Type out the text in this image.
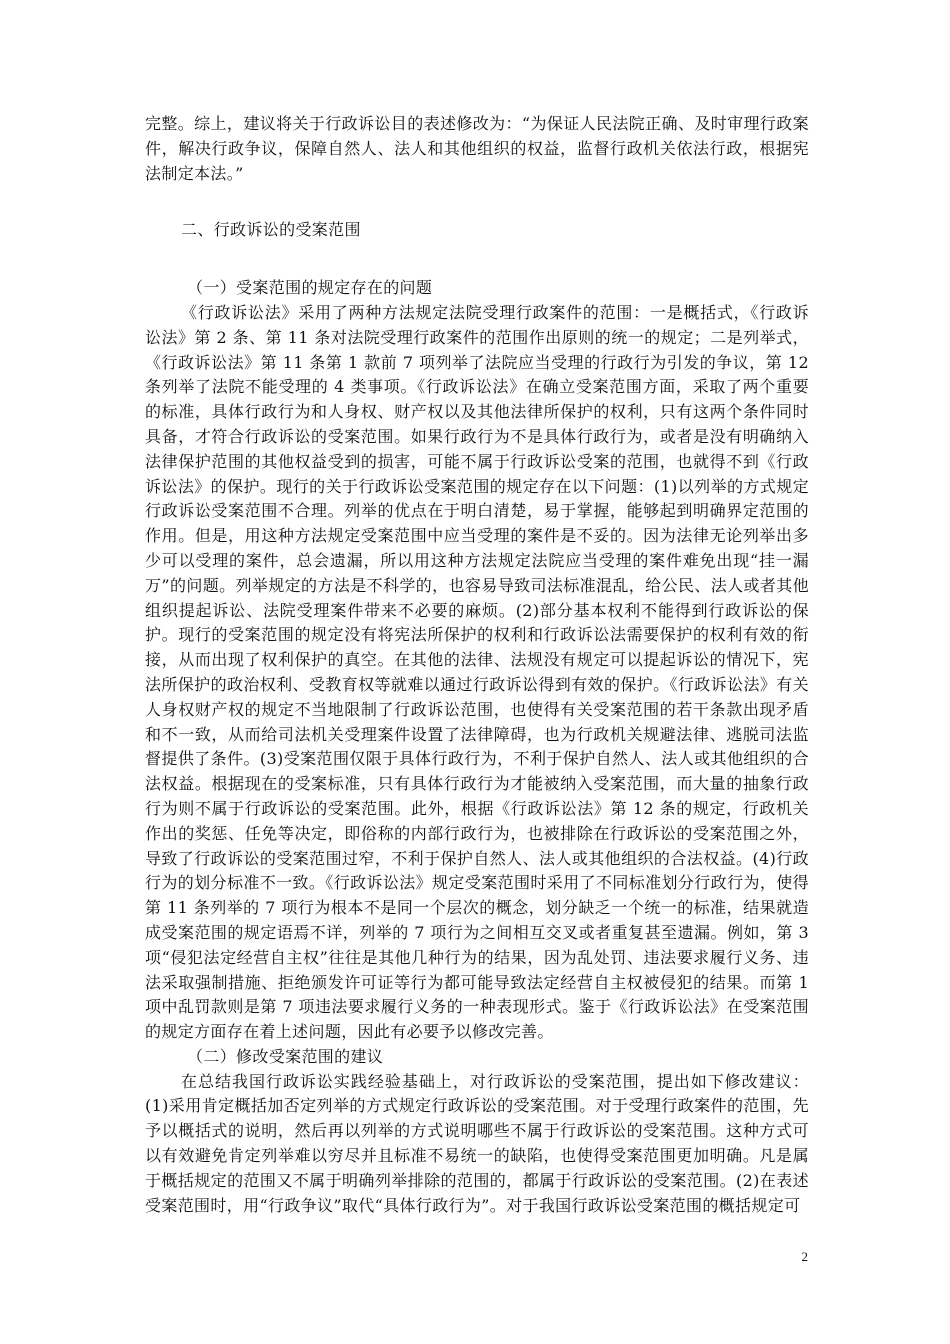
完整。综上，建议将关于行政诉讼目的表述修改为：“为保证人民法院正确、及时审理行政案件，解决行政争议，保障自然人、法人和其他组织的权益，监督行政机关依法行政，根据宪法制定本法。”

二、行政诉讼的受案范围

（一）受案范围的规定存在的问题

《行政诉讼法》采用了两种方法规定法院受理行政案件的范围：一是概括式，《行政诉讼法》第 2 条、第 11 条对法院受理行政案件的范围作出原则的统一的规定；二是列举式，《行政诉讼法》第 11 条第 1 款前 7 项列举了法院应当受理的行政行为引发的争议，第 12 条列举了法院不能受理的 4 类事项。《行政诉讼法》在确立受案范围方面，采取了两个重要的标准，具体行政行为和人身权、财产权以及其他法律所保护的权利，只有这两个条件同时具备，才符合行政诉讼的受案范围。如果行政行为不是具体行政行为，或者是没有明确纳入法律保护范围的其他权益受到的损害，可能不属于行政诉讼受案的范围，也就得不到《行政诉讼法》的保护。现行的关于行政诉讼受案范围的规定存在以下问题：(1)以列举的方式规定行政诉讼受案范围不合理。列举的优点在于明白清楚，易于掌握，能够起到明确界定范围的作用。但是，用这种方法规定受案范围中应当受理的案件是不妥的。因为法律无论列举出多少可以受理的案件，总会遗漏，所以用这种方法规定法院应当受理的案件难免出现“挂一漏万”的问题。列举规定的方法是不科学的，也容易导致司法标准混乱，给公民、法人或者其他组织提起诉讼、法院受理案件带来不必要的麻烦。(2)部分基本权利不能得到行政诉讼的保护。现行的受案范围的规定没有将宪法所保护的权利和行政诉讼法需要保护的权利有效的衔接，从而出现了权利保护的真空。在其他的法律、法规没有规定可以提起诉讼的情况下，宪法所保护的政治权利、受教育权等就难以通过行政诉讼得到有效的保护。《行政诉讼法》有关人身权财产权的规定不当地限制了行政诉讼范围，也使得有关受案范围的若干条款出现矛盾和不一致，从而给司法机关受理案件设置了法律障碍，也为行政机关规避法律、逃脱司法监督提供了条件。(3)受案范围仅限于具体行政行为，不利于保护自然人、法人或其他组织的合法权益。根据现在的受案标准，只有具体行政行为才能被纳入受案范围，而大量的抽象行政行为则不属于行政诉讼的受案范围。此外，根据《行政诉讼法》第 12 条的规定，行政机关作出的奖惩、任免等决定，即俗称的内部行政行为，也被排除在行政诉讼的受案范围之外，导致了行政诉讼的受案范围过窄，不利于保护自然人、法人或其他组织的合法权益。(4)行政行为的划分标准不一致。《行政诉讼法》规定受案范围时采用了不同标准划分行政行为，使得第 11 条列举的 7 项行为根本不是同一个层次的概念，划分缺乏一个统一的标准，结果就造成受案范围的规定语焉不详，列举的 7 项行为之间相互交叉或者重复甚至遗漏。例如，第 3 项“侵犯法定经营自主权”往往是其他几种行为的结果，因为乱处罚、违法要求履行义务、违法采取强制措施、拒绝颁发许可证等行为都可能导致法定经营自主权被侵犯的结果。而第 1 项中乱罚款则是第 7 项违法要求履行义务的一种表现形式。鉴于《行政诉讼法》在受案范围的规定方面存在着上述问题，因此有必要予以修改完善。

（二）修改受案范围的建议

在总结我国行政诉讼实践经验基础上，对行政诉讼的受案范围，提出如下修改建议：(1)采用肯定概括加否定列举的方式规定行政诉讼的受案范围。对于受理行政案件的范围，先予以概括式的说明，然后再以列举的方式说明哪些不属于行政诉讼的受案范围。这种方式可以有效避免肯定列举难以穷尽并且标准不易统一的缺陷，也使得受案范围更加明确。凡是属于概括规定的范围又不属于明确列举排除的范围的，都属于行政诉讼的受案范围。(2)在表述受案范围时，用“行政争议”取代“具体行政行为”。对于我国行政诉讼受案范围的概括规定可

2
